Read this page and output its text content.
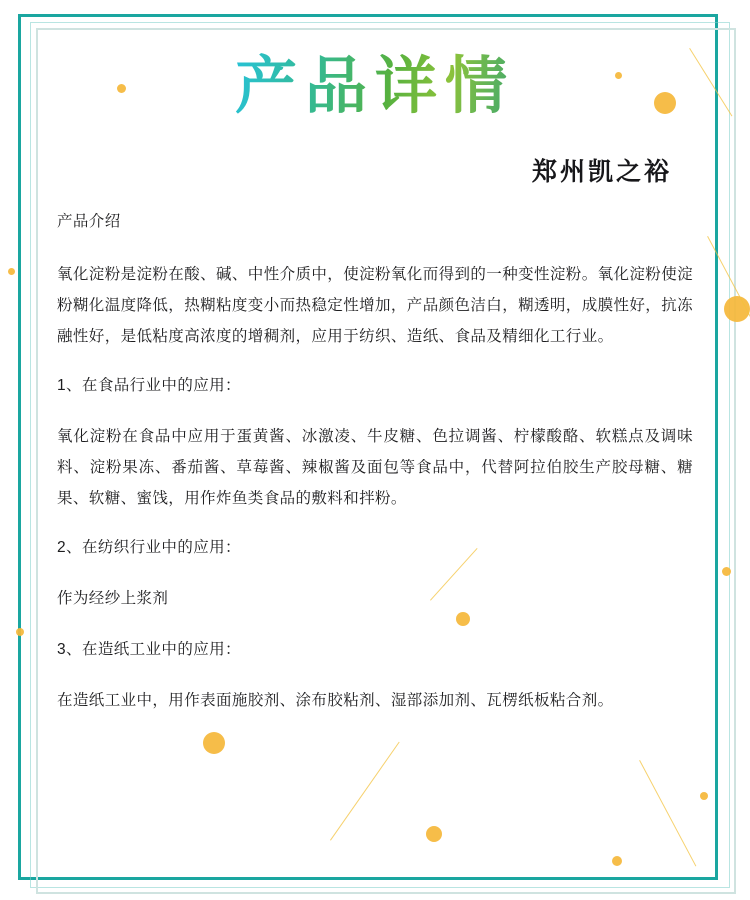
产品详情
郑州凯之裕

产品介绍

氧化淀粉是淀粉在酸、碱、中性介质中，使淀粉氧化而得到的一种变性淀粉。氧化淀粉使淀粉糊化温度降低，热糊粘度变小而热稳定性增加，产品颜色洁白，糊透明，成膜性好，抗冻融性好，是低粘度高浓度的增稠剂，应用于纺织、造纸、食品及精细化工行业。

1、在食品行业中的应用：

氧化淀粉在食品中应用于蛋黄酱、冰激凌、牛皮糖、色拉调酱、柠檬酸酪、软糕点及调味料、淀粉果冻、番茄酱、草莓酱、辣椒酱及面包等食品中，代替阿拉伯胶生产胶母糖、糖果、软糖、蜜饯，用作炸鱼类食品的敷料和拌粉。

2、在纺织行业中的应用：

作为经纱上浆剂

3、在造纸工业中的应用：

在造纸工业中，用作表面施胶剂、涂布胶粘剂、湿部添加剂、瓦楞纸板粘合剂。
